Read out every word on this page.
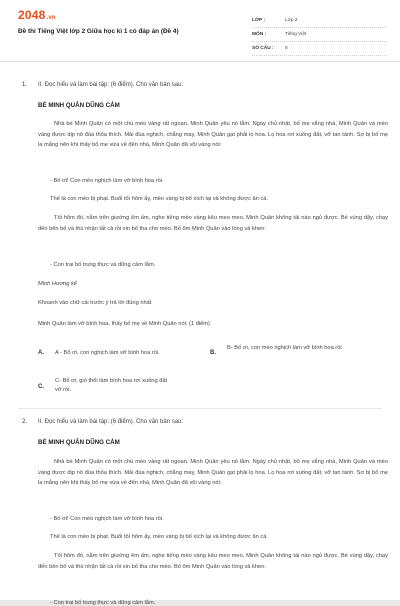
2048.vn
Đề thi Tiếng Việt lớp 2 Giữa học kì 1 có đáp án (Đề 4)
LỚP :	Lớp 2
MÔN :	Tiếng Việt
SỐ CÂU :	8
1. II. Đọc hiểu và làm bài tập: (6 điểm). Cho văn bản sau:
BÉ MINH QUÂN DŨNG CẢM
Nhà bé Minh Quân có một chú mèo vàng rất ngoan. Minh Quân yêu nó lắm. Ngày chủ nhật, bố mẹ vắng nhà, Minh Quân và mèo vàng được dịp nô đùa thỏa thích. Mải đùa nghịch, chẳng may, Minh Quân gạt phải lọ hoa. Lọ hoa rơi xuống đất, vỡ tan tành. Sợ bị bố mẹ la mắng nên khi thấy bố mẹ vừa về đến nhà, Minh Quân đã vội vàng nói:
- Bố ơi! Con mèo nghịch làm vỡ bình hoa rồi.
Thế là con mèo bị phạt. Buổi tối hôm ấy, mèo vàng bị bố xích lại và không được ăn cá.
Tối hôm đó, nằm trên giường êm ấm, nghe tiếng mèo vàng kêu meo meo, Minh Quân không tài nào ngủ được. Bé vùng dậy, chạy đến bên bố và thú nhận tất cả rồi xin bố tha cho mèo. Bố ôm Minh Quân vào lòng và khen:
- Con trai bố trung thực và dũng cảm lắm.
Minh Hương kể
Khoanh vào chữ cái trước ý trả lời đúng nhất
Minh Quân làm vỡ bình hoa, thấy bố mẹ về Minh Quân nói: (1 điểm)
A. A - Bố ơi, con nghịch làm vỡ bình hoa rồi.	B.
B- Bố ơi, con mèo nghịch làm vỡ bình hoa rồi
C.
C- Bố ơi, gió thổi làm bình hoa rơi xuống đất vỡ rồi.
2. II. Đọc hiểu và làm bài tập: (6 điểm). Cho văn bản sau:
BÉ MINH QUÂN DŨNG CẢM
Nhà bé Minh Quân có một chú mèo vàng rất ngoan. Minh Quân yêu nó lắm. Ngày chủ nhật, bố mẹ vắng nhà, Minh Quân và mèo vàng được dịp nô đùa thỏa thích. Mải đùa nghịch, chẳng may, Minh Quân gạt phải lọ hoa. Lọ hoa rơi xuống đất, vỡ tan tành. Sợ bị bố mẹ la mắng nên khi thấy bố mẹ vừa về đến nhà, Minh Quân đã vội vàng nói:
- Bố ơi! Con mèo nghịch làm vỡ bình hoa rồi.
Thế là con mèo bị phạt. Buổi tối hôm ấy, mèo vàng bị bố xích lại và không được ăn cá.
Tối hôm đó, nằm trên giường êm ấm, nghe tiếng mèo vàng kêu meo meo, Minh Quân không tài nào ngủ được. Bé vùng dậy, chạy đến bên bố và thú nhận tất cả rồi xin bố tha cho mèo. Bố ôm Minh Quân vào lòng và khen:
- Con trai bố trung thực và dũng cảm lắm.
